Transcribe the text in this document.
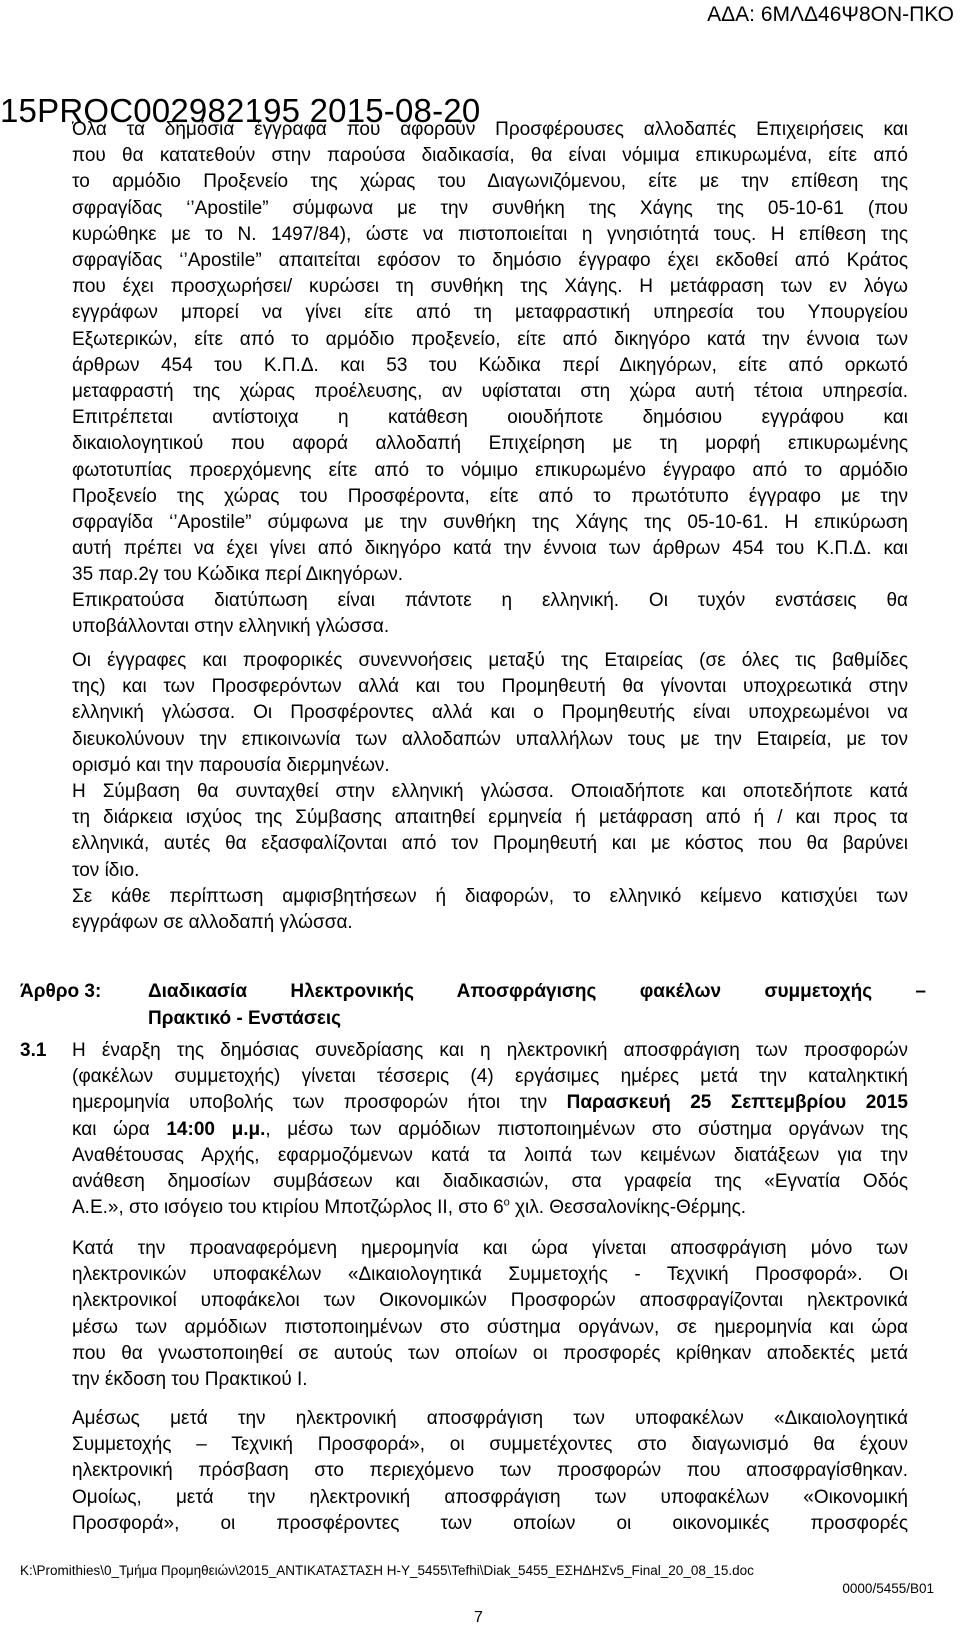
ΑΔΑ: 6ΜΛΔ46Ψ8ΟΝ-ΠΚΟ
15PROC002982195 2015-08-20
Όλα τα δημόσια έγγραφα που αφορούν Προσφέρουσες αλλοδαπές Επιχειρήσεις και
που θα κατατεθούν στην παρούσα διαδικασία, θα είναι νόμιμα επικυρωμένα, είτε από
το αρμόδιο Προξενείο της χώρας του Διαγωνιζόμενου, είτε με την επίθεση της
σφραγίδας ‘’Apostile” σύμφωνα με την συνθήκη της Χάγης της 05-10-61 (που
κυρώθηκε με το Ν. 1497/84), ώστε να πιστοποιείται η γνησιότητά τους. Η επίθεση της
σφραγίδας ‘’Apostile” απαιτείται εφόσον το δημόσιο έγγραφο έχει εκδοθεί από Κράτος
που έχει προσχωρήσει/ κυρώσει τη συνθήκη της Χάγης. Η μετάφραση των εν λόγω
εγγράφων μπορεί να γίνει είτε από τη μεταφραστική υπηρεσία του Υπουργείου
Εξωτερικών, είτε από το αρμόδιο προξενείο, είτε από δικηγόρο κατά την έννοια των
άρθρων 454 του Κ.Π.Δ. και 53 του Κώδικα περί Δικηγόρων, είτε από ορκωτό
μεταφραστή της χώρας προέλευσης, αν υφίσταται στη χώρα αυτή τέτοια υπηρεσία.
Επιτρέπεται αντίστοιχα η κατάθεση οιουδήποτε δημόσιου εγγράφου και
δικαιολογητικού που αφορά αλλοδαπή Επιχείρηση με τη μορφή επικυρωμένης
φωτοτυπίας προερχόμενης είτε από το νόμιμο επικυρωμένο έγγραφο από το αρμόδιο
Προξενείο της χώρας του Προσφέροντα, είτε από το πρωτότυπο έγγραφο με την
σφραγίδα ‘’Apostile” σύμφωνα με την συνθήκη της Χάγης της 05-10-61. Η επικύρωση
αυτή πρέπει να έχει γίνει από δικηγόρο κατά την έννοια των άρθρων 454 του Κ.Π.Δ. και
35 παρ.2γ του Κώδικα περί Δικηγόρων.
Επικρατούσα διατύπωση είναι πάντοτε η ελληνική. Οι τυχόν ενστάσεις θα
υποβάλλονται στην ελληνική γλώσσα.
Οι έγγραφες και προφορικές συνεννοήσεις μεταξύ της Εταιρείας (σε όλες τις βαθμίδες
της) και των Προσφερόντων αλλά και του Προμηθευτή θα γίνονται υποχρεωτικά στην
ελληνική γλώσσα. Οι Προσφέροντες αλλά και ο Προμηθευτής είναι υποχρεωμένοι να
διευκολύνουν την επικοινωνία των αλλοδαπών υπαλλήλων τους με την Εταιρεία, με τον
ορισμό και την παρουσία διερμηνέων.
Η Σύμβαση θα συνταχθεί στην ελληνική γλώσσα. Οποιαδήποτε και οποτεδήποτε κατά
τη διάρκεια ισχύος της Σύμβασης απαιτηθεί ερμηνεία ή μετάφραση από ή / και προς τα
ελληνικά, αυτές θα εξασφαλίζονται από τον Προμηθευτή και με κόστος που θα βαρύνει
τον ίδιο.
Σε κάθε περίπτωση αμφισβητήσεων ή διαφορών, το ελληνικό κείμενο κατισχύει των
εγγράφων σε αλλοδαπή γλώσσα.
Άρθρο 3: Διαδικασία Ηλεκτρονικής Αποσφράγισης φακέλων συμμετοχής –
Πρακτικό - Ενστάσεις
3.1 Η έναρξη της δημόσιας συνεδρίασης και η ηλεκτρονική αποσφράγιση των προσφορών
(φακέλων συμμετοχής) γίνεται τέσσερις (4) εργάσιμες ημέρες μετά την καταληκτική
ημερομηνία υποβολής των προσφορών ήτοι την Παρασκευή 25 Σεπτεμβρίου 2015
και ώρα 14:00 μ.μ., μέσω των αρμόδιων πιστοποιημένων στο σύστημα οργάνων της
Αναθέτουσας Αρχής, εφαρμοζόμενων κατά τα λοιπά των κειμένων διατάξεων για την
ανάθεση δημοσίων συμβάσεων και διαδικασιών, στα γραφεία της «Εγνατία Οδός
Α.Ε.», στο ισόγειο του κτιρίου Μποτζώρλος ΙΙ, στο $6^o$ χιλ. Θεσσαλονίκης-Θέρμης.
Κατά την προαναφερόμενη ημερομηνία και ώρα γίνεται αποσφράγιση μόνο των
ηλεκτρονικών υποφακέλων «Δικαιολογητικά Συμμετοχής - Τεχνική Προσφορά». Οι
ηλεκτρονικοί υποφάκελοι των Οικονομικών Προσφορών αποσφραγίζονται ηλεκτρονικά
μέσω των αρμόδιων πιστοποιημένων στο σύστημα οργάνων, σε ημερομηνία και ώρα
που θα γνωστοποιηθεί σε αυτούς των οποίων οι προσφορές κρίθηκαν αποδεκτές μετά
την έκδοση του Πρακτικού Ι.
Αμέσως μετά την ηλεκτρονική αποσφράγιση των υποφακέλων «Δικαιολογητικά
Συμμετοχής – Τεχνική Προσφορά», οι συμμετέχοντες στο διαγωνισμό θα έχουν
ηλεκτρονική πρόσβαση στο περιεχόμενο των προσφορών που αποσφραγίσθηκαν.
Ομοίως, μετά την ηλεκτρονική αποσφράγιση των υποφακέλων «Οικονομική
Προσφορά», οι προσφέροντες των οποίων οι οικονομικές προσφορές
K:\Promithies\0_Τμήμα Προμηθειών\2015_ΑΝΤΙΚΑΤΑΣΤΑΣΗ Η-Υ_5455\Tefhi\Diak_5455_ΕΣΗΔΗΣv5_Final_20_08_15.doc
0000/5455/B01
7
